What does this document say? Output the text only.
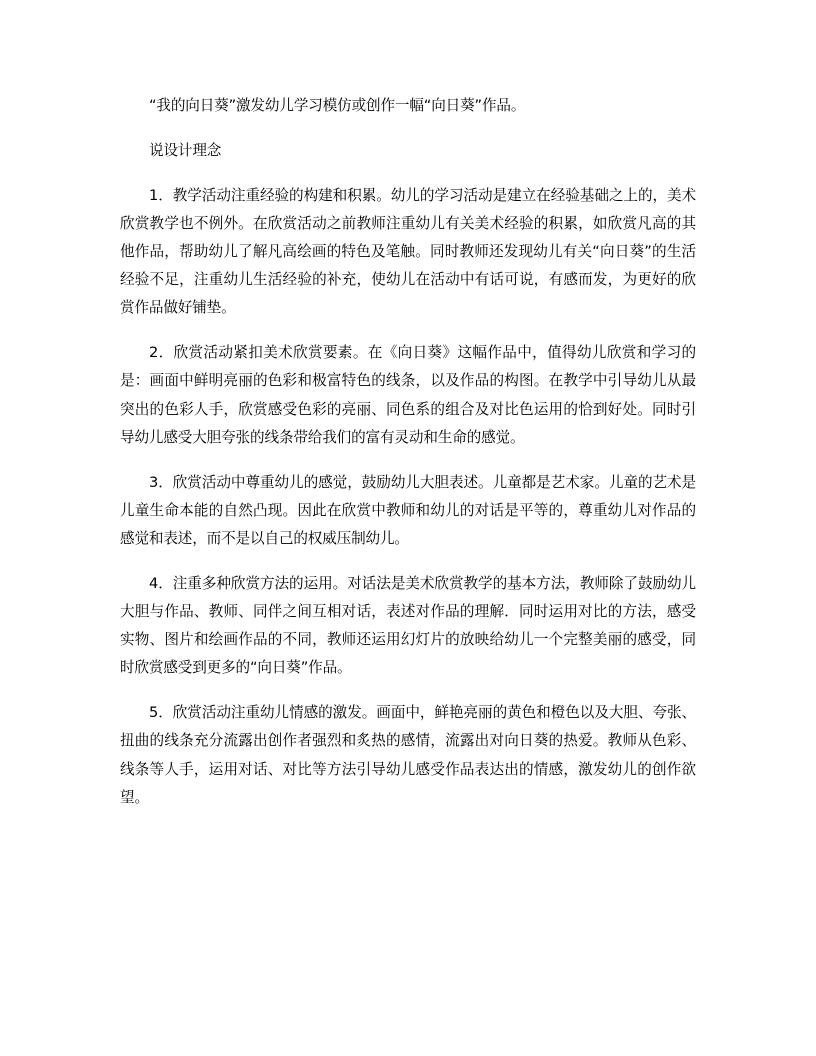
“我的向日葵”激发幼儿学习模仿或创作一幅“向日葵”作品。

说设计理念

1．教学活动注重经验的构建和积累。幼儿的学习活动是建立在经验基础之上的，美术欣赏教学也不例外。在欣赏活动之前教师注重幼儿有关美术经验的积累，如欣赏凡高的其他作品，帮助幼儿了解凡高绘画的特色及笔触。同时教师还发现幼儿有关“向日葵”的生活经验不足，注重幼儿生活经验的补充，使幼儿在活动中有话可说，有感而发，为更好的欣赏作品做好铺垫。

2．欣赏活动紧扣美术欣赏要素。在《向日葵》这幅作品中，值得幼儿欣赏和学习的是：画面中鲜明亮丽的色彩和极富特色的线条，以及作品的构图。在教学中引导幼儿从最突出的色彩人手，欣赏感受色彩的亮丽、同色系的组合及对比色运用的恰到好处。同时引导幼儿感受大胆夸张的线条带给我们的富有灵动和生命的感觉。

3．欣赏活动中尊重幼儿的感觉，鼓励幼儿大胆表述。儿童都是艺术家。儿童的艺术是儿童生命本能的自然凸现。因此在欣赏中教师和幼儿的对话是平等的，尊重幼儿对作品的感觉和表述，而不是以自己的权威压制幼儿。

4．注重多种欣赏方法的运用。对话法是美术欣赏教学的基本方法，教师除了鼓励幼儿大胆与作品、教师、同伴之间互相对话，表述对作品的理解．同时运用对比的方法，感受实物、图片和绘画作品的不同，教师还运用幻灯片的放映给幼儿一个完整美丽的感受，同时欣赏感受到更多的“向日葵”作品。

5．欣赏活动注重幼儿情感的激发。画面中，鲜艳亮丽的黄色和橙色以及大胆、夸张、扭曲的线条充分流露出创作者强烈和炙热的感情，流露出对向日葵的热爱。教师从色彩、线条等人手，运用对话、对比等方法引导幼儿感受作品表达出的情感，激发幼儿的创作欲望。
